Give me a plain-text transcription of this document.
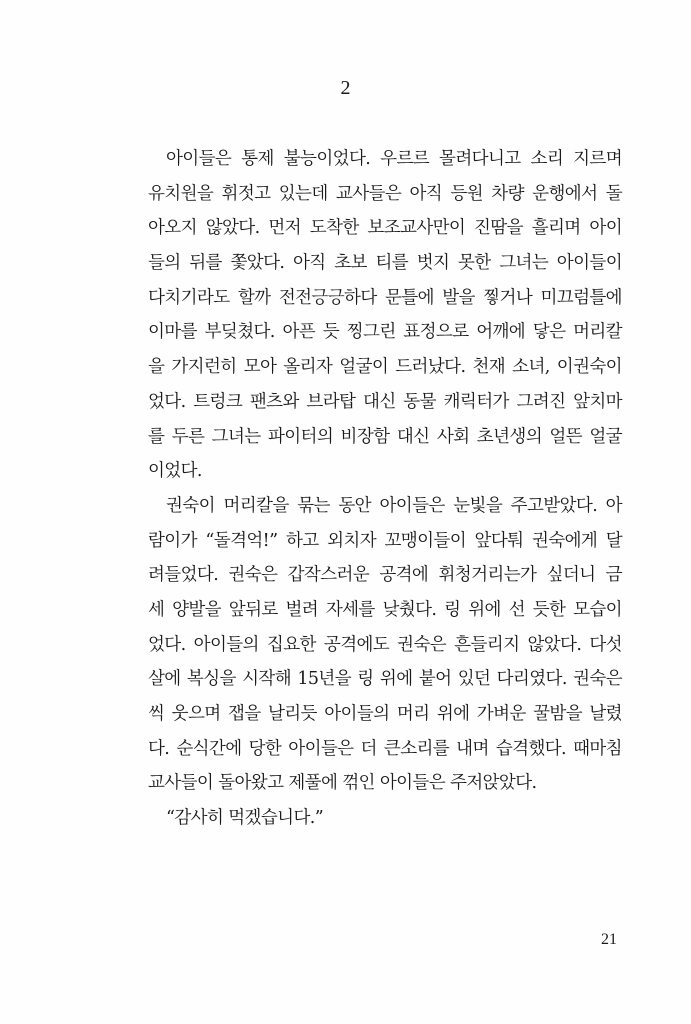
2
아이들은 통제 불능이었다. 우르르 몰려다니고 소리 지르며
유치원을 휘젓고 있는데 교사들은 아직 등원 차량 운행에서 돌
아오지 않았다. 먼저 도착한 보조교사만이 진땀을 흘리며 아이
들의 뒤를 쫓았다. 아직 초보 티를 벗지 못한 그녀는 아이들이
다치기라도 할까 전전긍긍하다 문틀에 발을 찧거나 미끄럼틀에
이마를 부딪쳤다. 아픈 듯 찡그린 표정으로 어깨에 닿은 머리칼
을 가지런히 모아 올리자 얼굴이 드러났다. 천재 소녀, 이권숙이
었다. 트렁크 팬츠와 브라탑 대신 동물 캐릭터가 그려진 앞치마
를 두른 그녀는 파이터의 비장함 대신 사회 초년생의 얼뜬 얼굴
이었다.
권숙이 머리칼을 묶는 동안 아이들은 눈빛을 주고받았다. 아
람이가 “돌격억!” 하고 외치자 꼬맹이들이 앞다퉈 권숙에게 달
려들었다. 권숙은 갑작스러운 공격에 휘청거리는가 싶더니 금
세 양발을 앞뒤로 벌려 자세를 낮췄다. 링 위에 선 듯한 모습이
었다. 아이들의 집요한 공격에도 권숙은 흔들리지 않았다. 다섯
살에 복싱을 시작해 15년을 링 위에 붙어 있던 다리였다. 권숙은
씩 웃으며 잽을 날리듯 아이들의 머리 위에 가벼운 꿀밤을 날렸
다. 순식간에 당한 아이들은 더 큰소리를 내며 습격했다. 때마침
교사들이 돌아왔고 제풀에 꺾인 아이들은 주저앉았다.
“감사히 먹겠습니다.”
21
